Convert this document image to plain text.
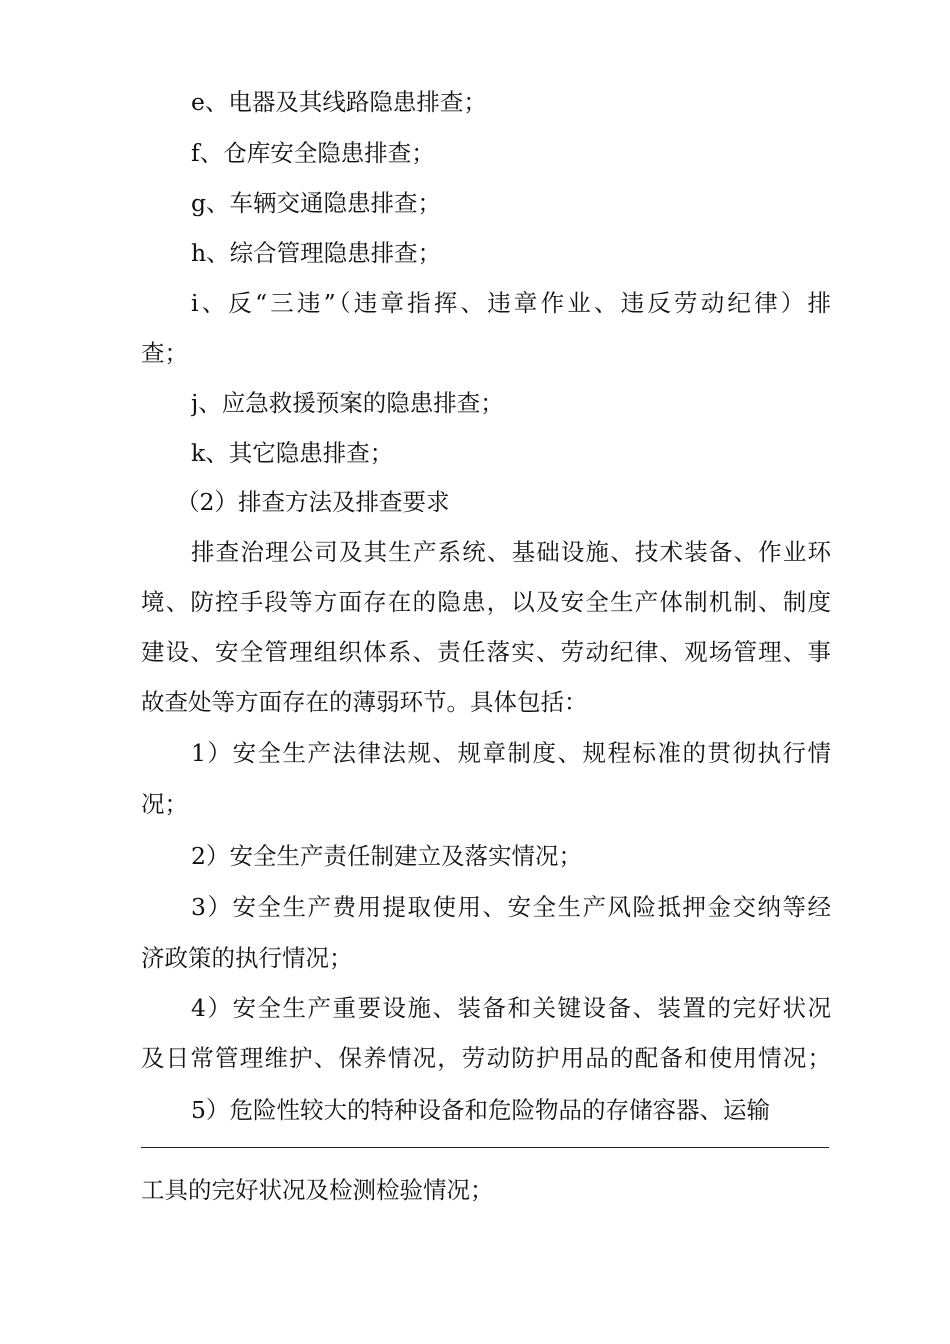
e、电器及其线路隐患排查；
f、仓库安全隐患排查；
g、车辆交通隐患排查；
h、综合管理隐患排查；
i、反“三违”（违章指挥、违章作业、违反劳动纪律）排
查；
j、应急救援预案的隐患排查；
k、其它隐患排查；
（2）排查方法及排查要求
排查治理公司及其生产系统、基础设施、技术装备、作业环
境、防控手段等方面存在的隐患，以及安全生产体制机制、制度
建设、安全管理组织体系、责任落实、劳动纪律、观场管理、事
故查处等方面存在的薄弱环节。具体包括：
1）安全生产法律法规、规章制度、规程标准的贯彻执行情
况；
2）安全生产责任制建立及落实情况；
3）安全生产费用提取使用、安全生产风险抵押金交纳等经
济政策的执行情况；
4）安全生产重要设施、装备和关键设备、装置的完好状况
及日常管理维护、保养情况，劳动防护用品的配备和使用情况；
5）危险性较大的特种设备和危险物品的存储容器、运输
工具的完好状况及检测检验情况；
